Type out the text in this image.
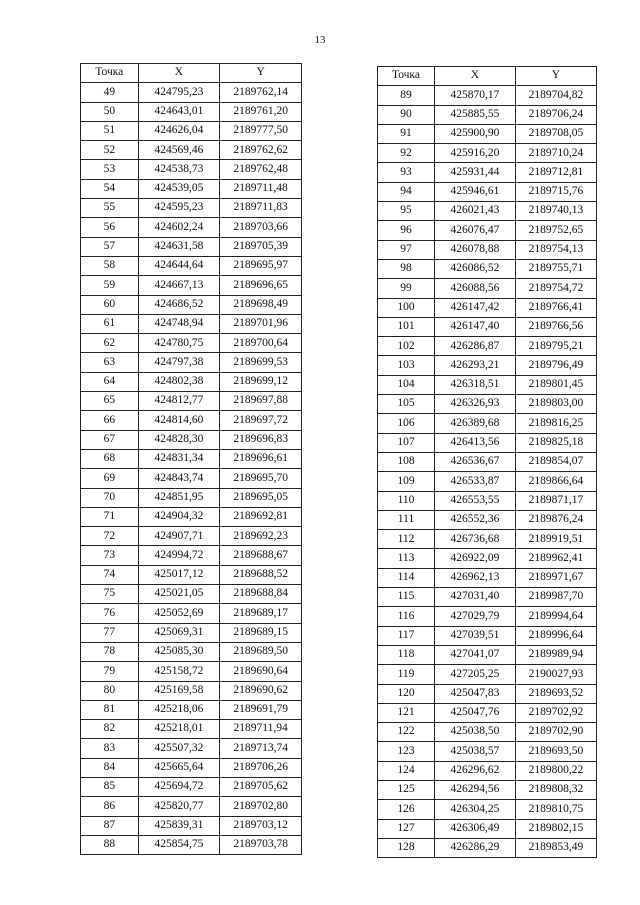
13
Точка	X	Y
49	424795,23	2189762,14
50	424643,01	2189761,20
51	424626,04	2189777,50
52	424569,46	2189762,62
53	424538,73	2189762,48
54	424539,05	2189711,48
55	424595,23	2189711,83
56	424602,24	2189703,66
57	424631,58	2189705,39
58	424644,64	2189695,97
59	424667,13	2189696,65
60	424686,52	2189698,49
61	424748,94	2189701,96
62	424780,75	2189700,64
63	424797,38	2189699,53
64	424802,38	2189699,12
65	424812,77	2189697,88
66	424814,60	2189697,72
67	424828,30	2189696,83
68	424831,34	2189696,61
69	424843,74	2189695,70
70	424851,95	2189695,05
71	424904,32	2189692,81
72	424907,71	2189692,23
73	424994,72	2189688,67
74	425017,12	2189688,52
75	425021,05	2189688,84
76	425052,69	2189689,17
77	425069,31	2189689,15
78	425085,30	2189689,50
79	425158,72	2189690,64
80	425169,58	2189690,62
81	425218,06	2189691,79
82	425218,01	2189711,94
83	425507,32	2189713,74
84	425665,64	2189706,26
85	425694,72	2189705,62
86	425820,77	2189702,80
87	425839,31	2189703,12
88	425854,75	2189703,78
Точка	X	Y
89	425870,17	2189704,82
90	425885,55	2189706,24
91	425900,90	2189708,05
92	425916,20	2189710,24
93	425931,44	2189712,81
94	425946,61	2189715,76
95	426021,43	2189740,13
96	426076,47	2189752,65
97	426078,88	2189754,13
98	426086,52	2189755,71
99	426088,56	2189754,72
100	426147,42	2189766,41
101	426147,40	2189766,56
102	426286,87	2189795,21
103	426293,21	2189796,49
104	426318,51	2189801,45
105	426326,93	2189803,00
106	426389,68	2189816,25
107	426413,56	2189825,18
108	426536,67	2189854,07
109	426533,87	2189866,64
110	426553,55	2189871,17
111	426552,36	2189876,24
112	426736,68	2189919,51
113	426922,09	2189962,41
114	426962,13	2189971,67
115	427031,40	2189987,70
116	427029,79	2189994,64
117	427039,51	2189996,64
118	427041,07	2189989,94
119	427205,25	2190027,93
120	425047,83	2189693,52
121	425047,76	2189702,92
122	425038,50	2189702,90
123	425038,57	2189693,50
124	426296,62	2189800,22
125	426294,56	2189808,32
126	426304,25	2189810,75
127	426306,49	2189802,15
128	426286,29	2189853,49
